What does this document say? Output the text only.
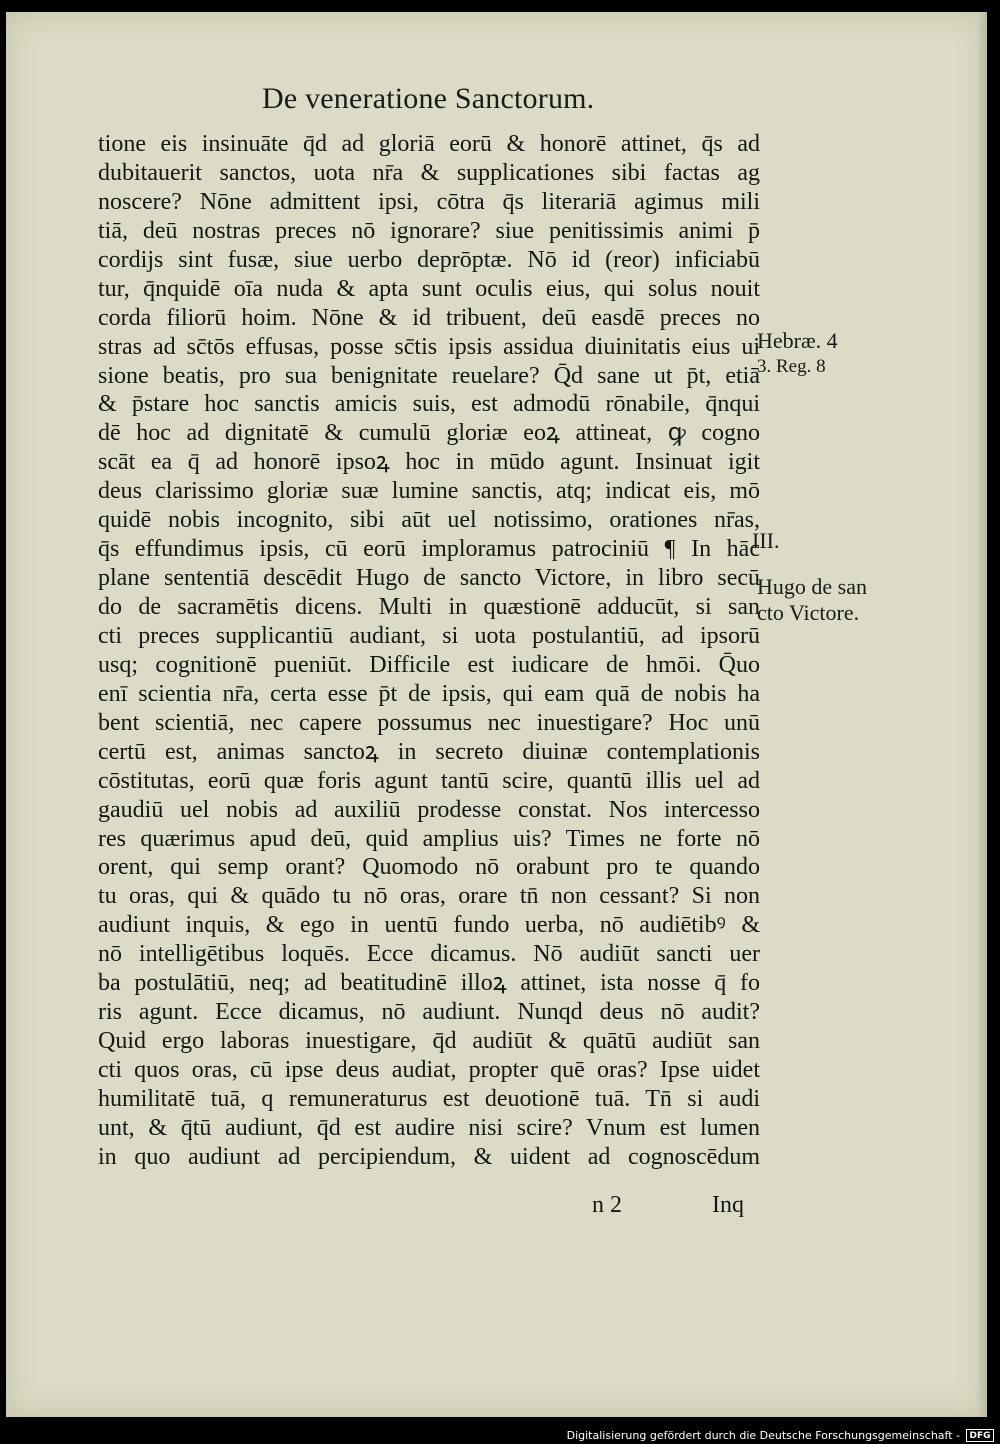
De veneratione Sanctorum.
tione eis insinuāte q̄d ad gloriā eorū & honorē attinet, q̄s ad
dubitauerit sanctos, uota nr̄a & supplicationes sibi factas ag
noscere? Nōne admittent ipsi, cōtra q̄s literariā agimus mili
tiā, deū nostras preces nō ignorare? siue penitissimis animi p̄
cordijs sint fusæ, siue uerbo deprōptæ. Nō id (reor) inficiabū
tur, q̄nquidē oīa nuda & apta sunt oculis eius, qui solus nouit
corda filiorū hoim. Nōne & id tribuent, deū easdē preces no
stras ad sc̄tōs effusas, posse sc̄tis ipsis assidua diuinitatis eius ui
sione beatis, pro sua benignitate reuelare? Q̄d sane ut p̄t, etiā
& p̄stare hoc sanctis amicis suis, est admodū rōnabile, q̄nqui
dē hoc ad dignitatē & cumulū gloriæ eoꝝ attineat, ꝙ cogno
scāt ea q̄ ad honorē ipsoꝝ hoc in mūdo agunt. Insinuat igit
deus clarissimo gloriæ suæ lumine sanctis, atq; indicat eis, mō
quidē nobis incognito, sibi aūt uel notissimo, orationes nr̄as,
q̄s effundimus ipsis, cū eorū imploramus patrociniū ¶ In hāc
plane sententiā descēdit Hugo de sancto Victore, in libro secū
do de sacramētis dicens. Multi in quæstionē adducūt, si san
cti preces supplicantiū audiant, si uota postulantiū, ad ipsorū
usq; cognitionē pueniūt. Difficile est iudicare de hmōi. Q̄uo
enī scientia nr̄a, certa esse p̄t de ipsis, qui eam quā de nobis ha
bent scientiā, nec capere possumus nec inuestigare? Hoc unū
certū est, animas sanctoꝝ in secreto diuinæ contemplationis
cōstitutas, eorū quæ foris agunt tantū scire, quantū illis uel ad
gaudiū uel nobis ad auxiliū prodesse constat. Nos intercesso
res quærimus apud deū, quid amplius uis? Times ne forte nō
orent, qui semp orant? Quomodo nō orabunt pro te quando
tu oras, qui & quādo tu nō oras, orare tn̄ non cessant? Si non
audiunt inquis, & ego in uentū fundo uerba, nō audiētibꝰ &
nō intelligētibus loquēs. Ecce dicamus. Nō audiūt sancti uer
ba postulātiū, neq; ad beatitudinē illoꝝ attinet, ista nosse q̄ fo
ris agunt. Ecce dicamus, nō audiunt. Nunqd deus nō audit?
Quid ergo laboras inuestigare, q̄d audiūt & quātū audiūt san
cti quos oras, cū ipse deus audiat, propter quē oras? Ipse uidet
humilitatē tuā, q remuneraturus est deuotionē tuā. Tn̄ si audi
unt, & q̄tū audiunt, q̄d est audire nisi scire? Vnum est lumen
in quo audiunt ad percipiendum, & uident ad cognoscēdum
Hebræ. 4
3. Reg. 8
III.
Hugo de san
cto Victore.
n 2	Inq
Digitalisierung gefördert durch die Deutsche Forschungsgemeinschaft -	DFG
